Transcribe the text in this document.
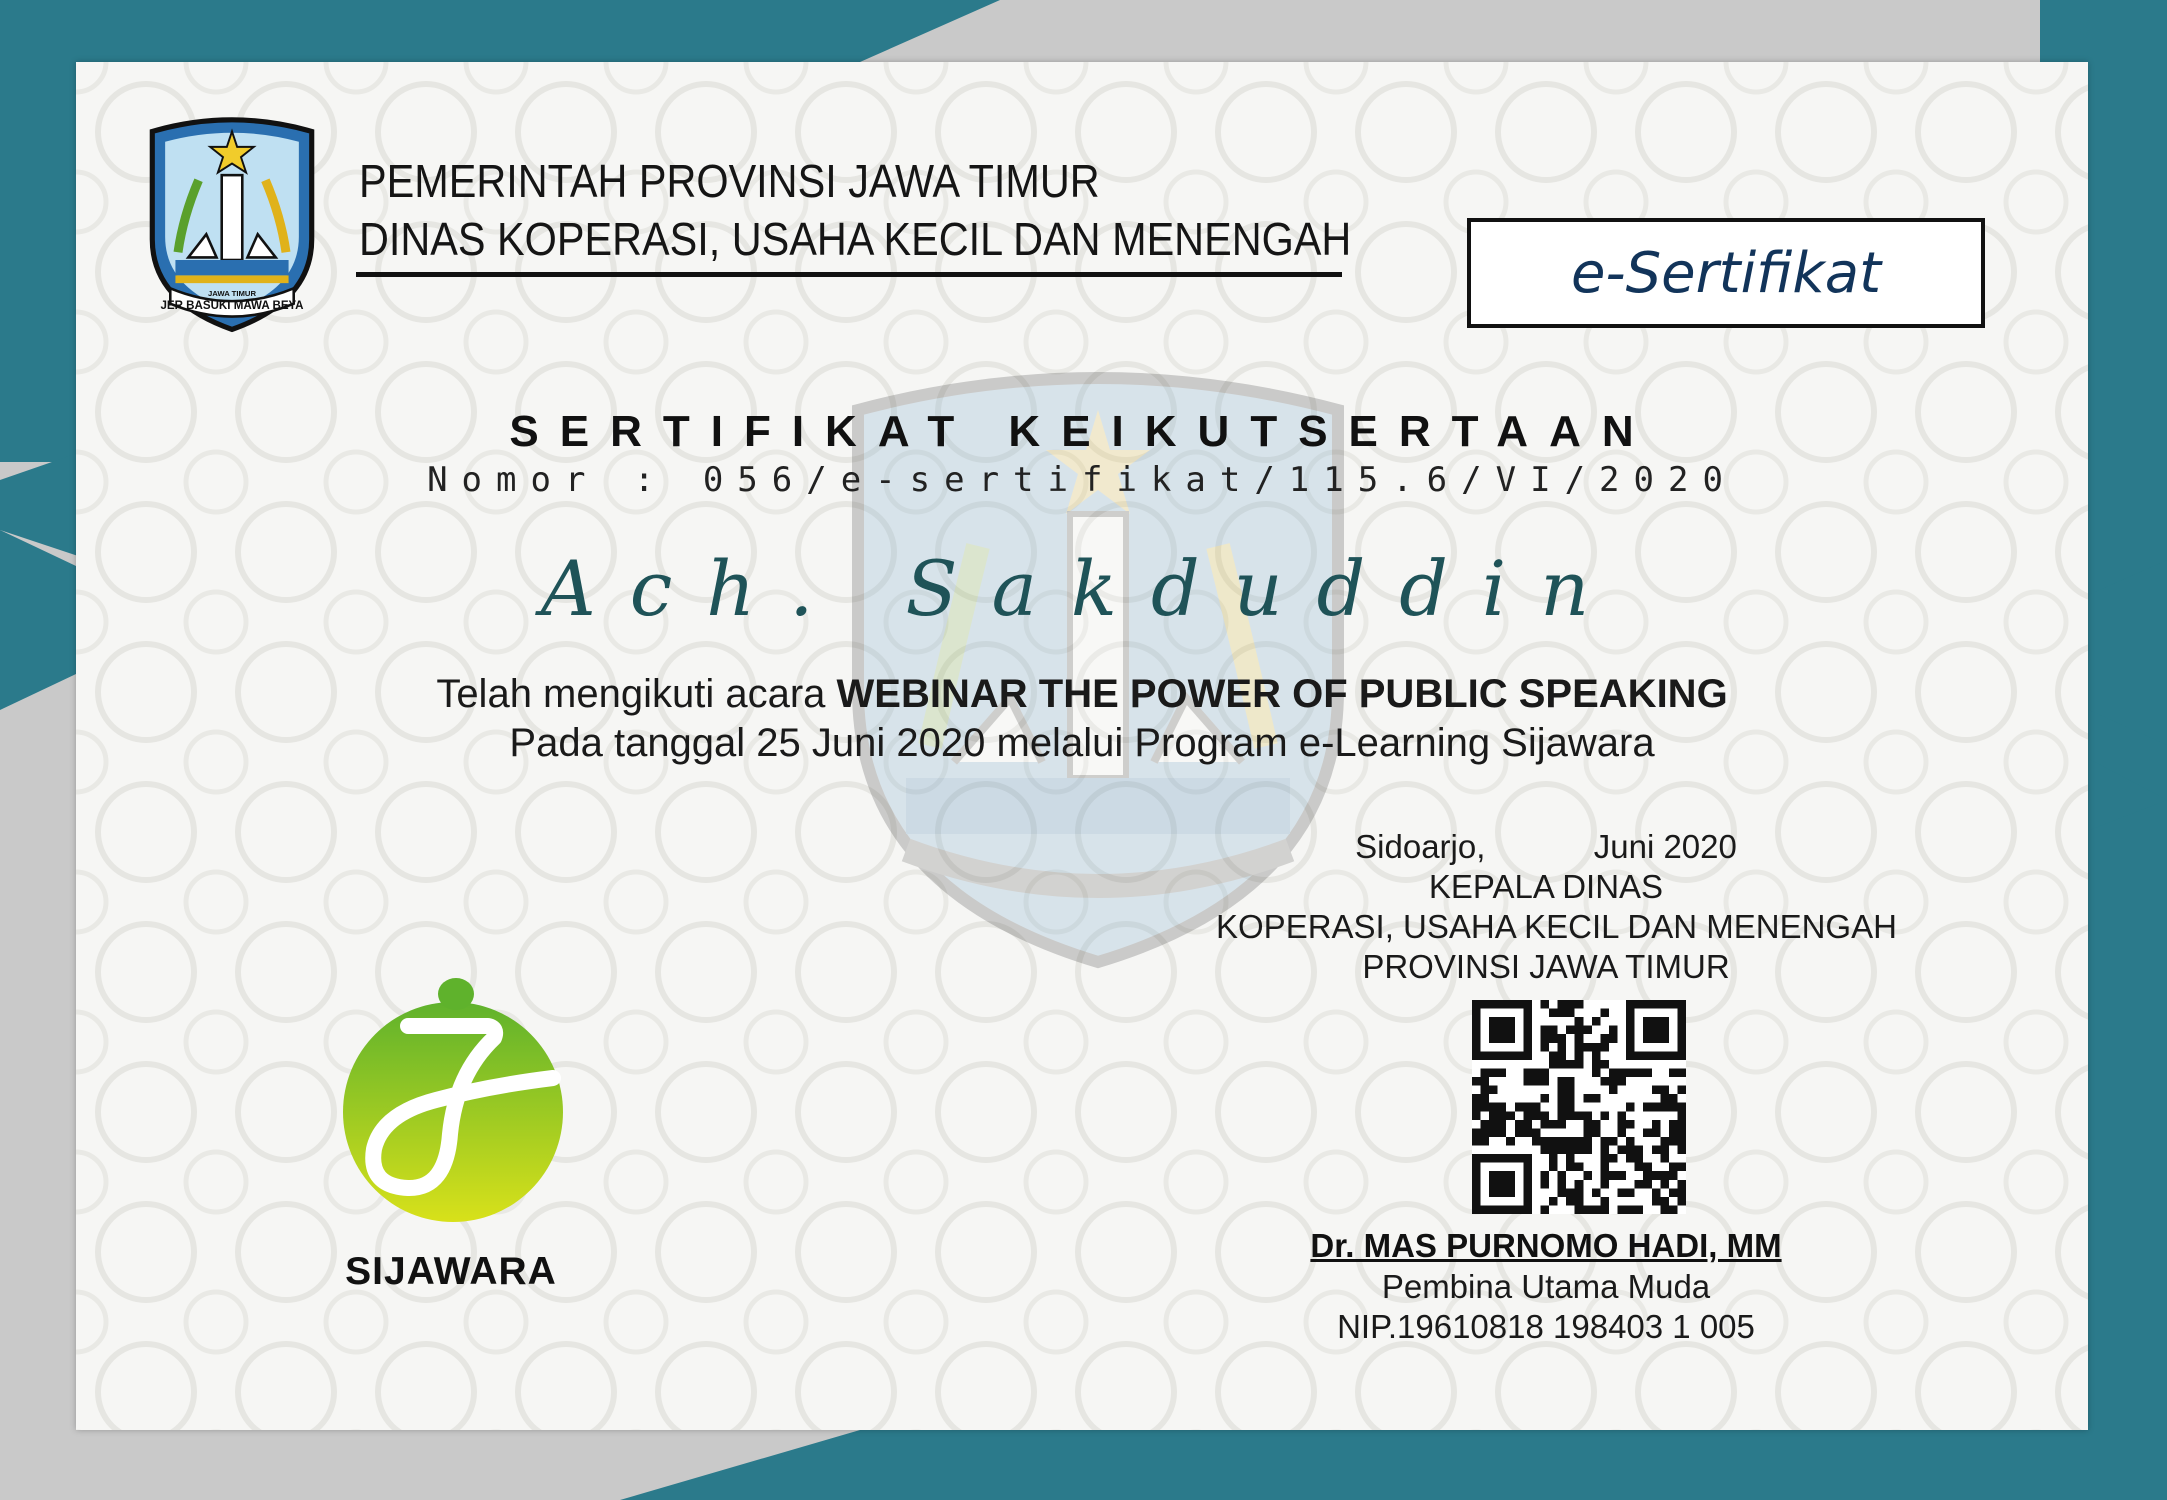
JER BASUKI MAWA BEYA
JAWA TIMUR
PEMERINTAH PROVINSI JAWA TIMUR
DINAS KOPERASI, USAHA KECIL DAN MENENGAH
e-Sertifikat
SERTIFIKAT KEIKUTSERTAAN
Nomor : 056/e-sertifikat/115.6/VI/2020
Ach. Sakduddin
Telah mengikuti acara WEBINAR THE POWER OF PUBLIC SPEAKING
Pada tanggal 25 Juni 2020 melalui Program e-Learning Sijawara
Sidoarjo,	Juni 2020
KEPALA DINAS
KOPERASI, USAHA KECIL DAN MENENGAH
PROVINSI JAWA TIMUR
Dr. MAS PURNOMO HADI, MM
Pembina Utama Muda
NIP.19610818 198403 1 005
SIJAWARA
